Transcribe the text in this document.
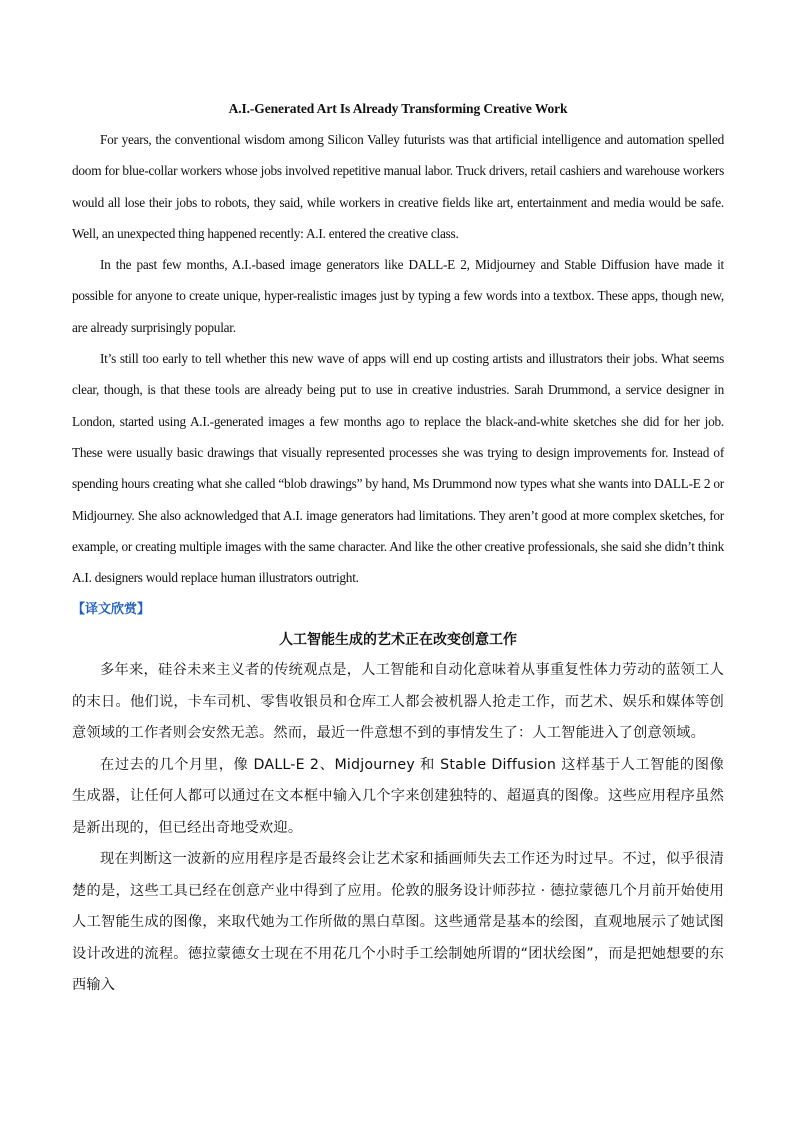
A.I.-Generated Art Is Already Transforming Creative Work

For years, the conventional wisdom among Silicon Valley futurists was that artificial intelligence and automation spelled doom for blue-collar workers whose jobs involved repetitive manual labor. Truck drivers, retail cashiers and warehouse workers would all lose their jobs to robots, they said, while workers in creative fields like art, entertainment and media would be safe. Well, an unexpected thing happened recently: A.I. entered the creative class.

In the past few months, A.I.-based image generators like DALL-E 2, Midjourney and Stable Diffusion have made it possible for anyone to create unique, hyper-realistic images just by typing a few words into a textbox. These apps, though new, are already surprisingly popular.

It’s still too early to tell whether this new wave of apps will end up costing artists and illustrators their jobs. What seems clear, though, is that these tools are already being put to use in creative industries. Sarah Drummond, a service designer in London, started using A.I.-generated images a few months ago to replace the black-and-white sketches she did for her job. These were usually basic drawings that visually represented processes she was trying to design improvements for. Instead of spending hours creating what she called “blob drawings” by hand, Ms Drummond now types what she wants into DALL-E 2 or Midjourney. She also acknowledged that A.I. image generators had limitations. They aren’t good at more complex sketches, for example, or creating multiple images with the same character. And like the other creative professionals, she said she didn’t think A.I. designers would replace human illustrators outright.

【译文欣赏】
人工智能生成的艺术正在改变创意工作

多年来，硅谷未来主义者的传统观点是，人工智能和自动化意味着从事重复性体力劳动的蓝领工人的末日。他们说，卡车司机、零售收银员和仓库工人都会被机器人抢走工作，而艺术、娱乐和媒体等创意领域的工作者则会安然无恙。然而，最近一件意想不到的事情发生了：人工智能进入了创意领域。

在过去的几个月里，像 DALL-E 2、Midjourney 和 Stable Diffusion 这样基于人工智能的图像生成器，让任何人都可以通过在文本框中输入几个字来创建独特的、超逼真的图像。这些应用程序虽然是新出现的，但已经出奇地受欢迎。

现在判断这一波新的应用程序是否最终会让艺术家和插画师失去工作还为时过早。不过，似乎很清楚的是，这些工具已经在创意产业中得到了应用。伦敦的服务设计师莎拉 · 德拉蒙德几个月前开始使用人工智能生成的图像，来取代她为工作所做的黑白草图。这些通常是基本的绘图，直观地展示了她试图设计改进的流程。德拉蒙德女士现在不用花几个小时手工绘制她所谓的“团状绘图”，而是把她想要的东西输入
